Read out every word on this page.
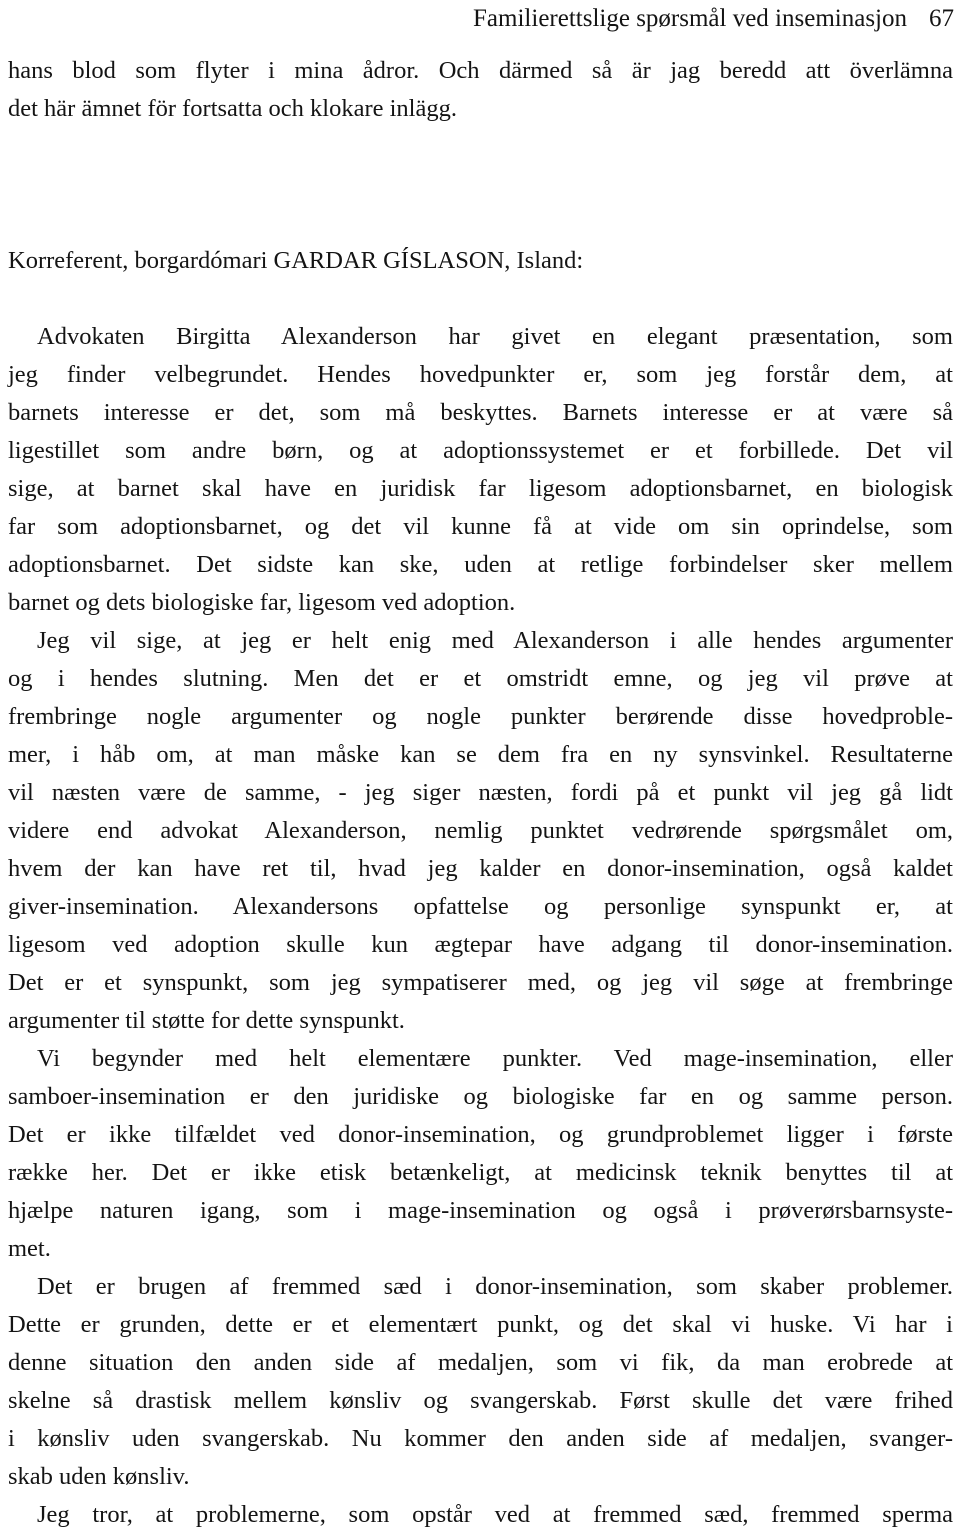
Familierettslige spørsmål ved inseminasjon 67
hans blod som flyter i mina ådror. Och därmed så är jag beredd att överlämna
det här ämnet för fortsatta och klokare inlägg.
Korreferent, borgardómari GARDAR GÍSLASON, Island:
Advokaten Birgitta Alexanderson har givet en elegant præsentation, som
jeg finder velbegrundet. Hendes hovedpunkter er, som jeg forstår dem, at
barnets interesse er det, som må beskyttes. Barnets interesse er at være så
ligestillet som andre børn, og at adoptionssystemet er et forbillede. Det vil
sige, at barnet skal have en juridisk far ligesom adoptionsbarnet, en biologisk
far som adoptionsbarnet, og det vil kunne få at vide om sin oprindelse, som
adoptionsbarnet. Det sidste kan ske, uden at retlige forbindelser sker mellem
barnet og dets biologiske far, ligesom ved adoption.
Jeg vil sige, at jeg er helt enig med Alexanderson i alle hendes argumenter
og i hendes slutning. Men det er et omstridt emne, og jeg vil prøve at
frembringe nogle argumenter og nogle punkter berørende disse hovedproble-
mer, i håb om, at man måske kan se dem fra en ny synsvinkel. Resultaterne
vil næsten være de samme, - jeg siger næsten, fordi på et punkt vil jeg gå lidt
videre end advokat Alexanderson, nemlig punktet vedrørende spørgsmålet om,
hvem der kan have ret til, hvad jeg kalder en donor-insemination, også kaldet
giver-insemination. Alexandersons opfattelse og personlige synspunkt er, at
ligesom ved adoption skulle kun ægtepar have adgang til donor-insemination.
Det er et synspunkt, som jeg sympatiserer med, og jeg vil søge at frembringe
argumenter til støtte for dette synspunkt.
Vi begynder med helt elementære punkter. Ved mage-insemination, eller
samboer-insemination er den juridiske og biologiske far en og samme person.
Det er ikke tilfældet ved donor-insemination, og grundproblemet ligger i første
række her. Det er ikke etisk betænkeligt, at medicinsk teknik benyttes til at
hjælpe naturen igang, som i mage-insemination og også i prøverørsbarnsyste-
met.
Det er brugen af fremmed sæd i donor-insemination, som skaber problemer.
Dette er grunden, dette er et elementært punkt, og det skal vi huske. Vi har i
denne situation den anden side af medaljen, som vi fik, da man erobrede at
skelne så drastisk mellem kønsliv og svangerskab. Først skulle det være frihed
i kønsliv uden svangerskab. Nu kommer den anden side af medaljen, svanger-
skab uden kønsliv.
Jeg tror, at problemerne, som opstår ved at fremmed sæd, fremmed sperma
